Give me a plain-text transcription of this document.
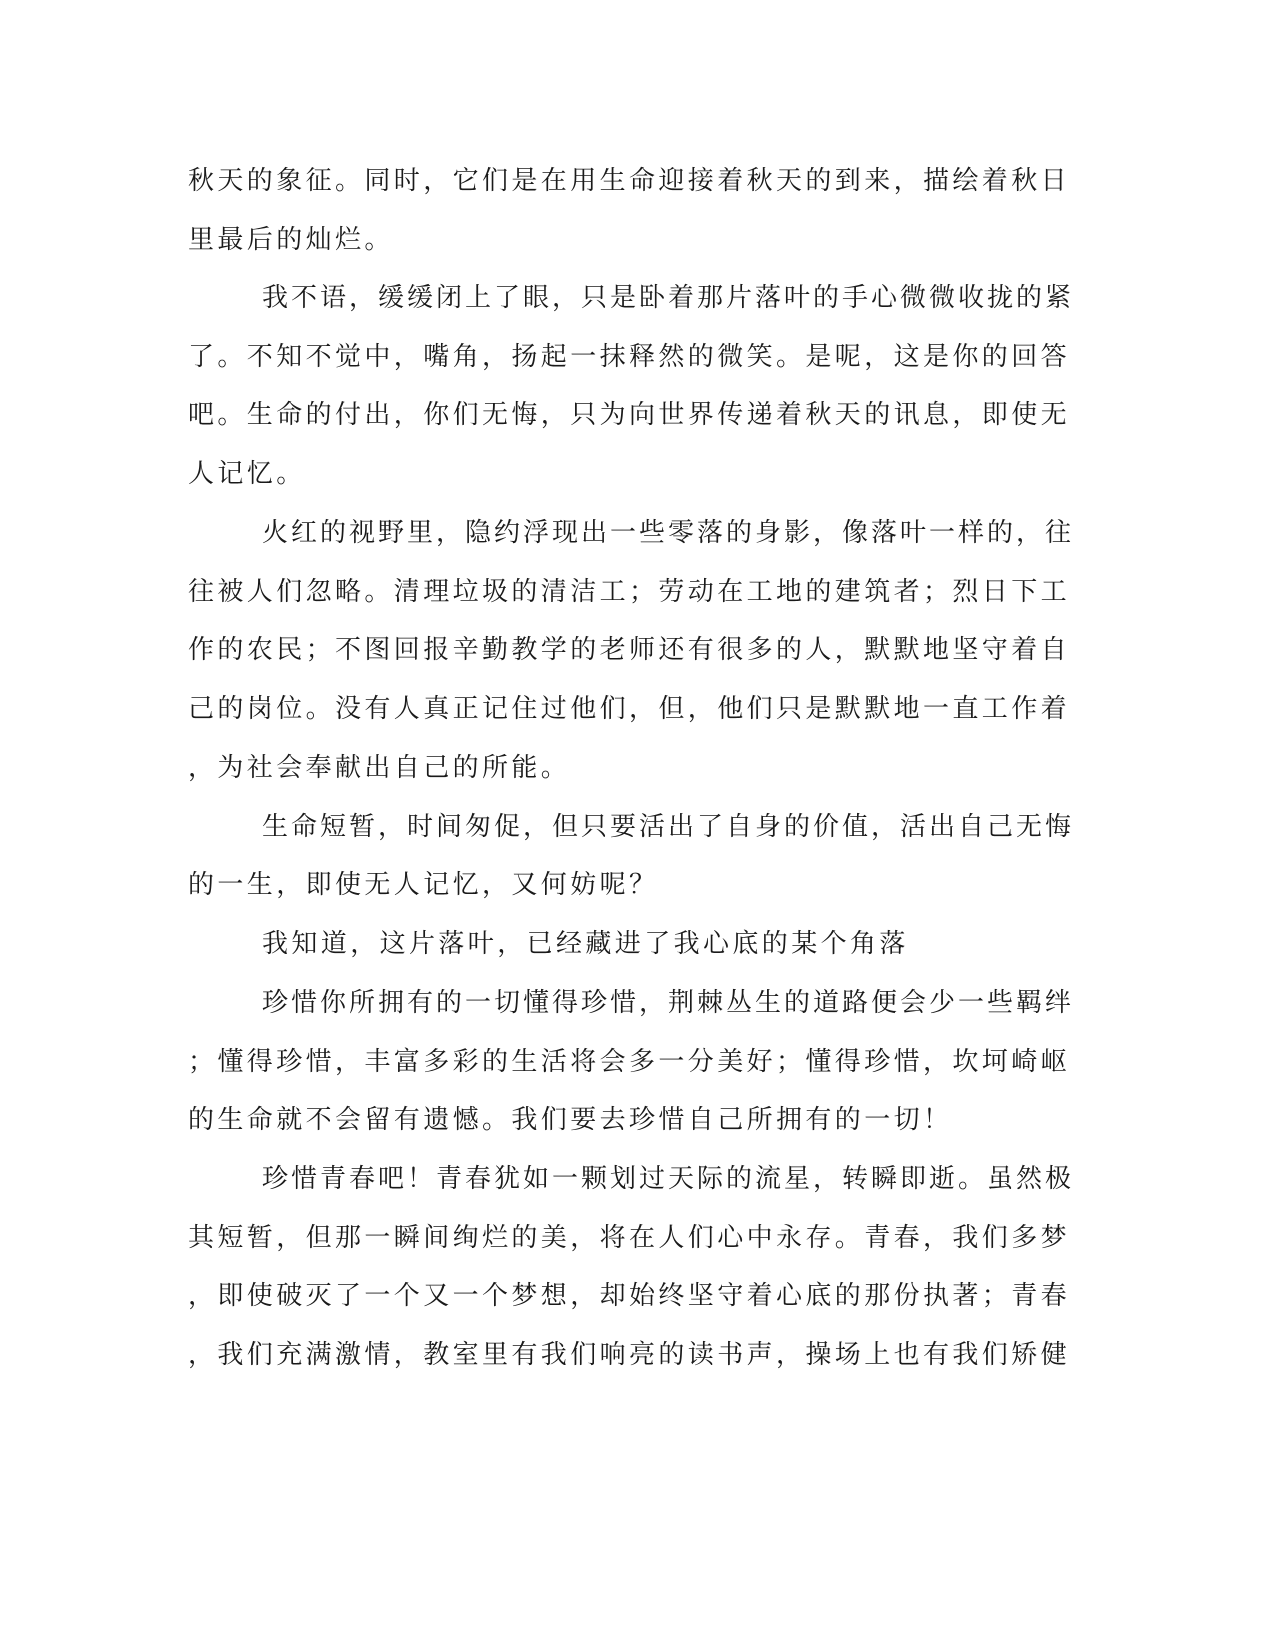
秋天的象征。同时，它们是在用生命迎接着秋天的到来，描绘着秋日
里最后的灿烂。
我不语，缓缓闭上了眼，只是卧着那片落叶的手心微微收拢的紧
了。不知不觉中，嘴角，扬起一抹释然的微笑。是呢，这是你的回答
吧。生命的付出，你们无悔，只为向世界传递着秋天的讯息，即使无
人记忆。
火红的视野里，隐约浮现出一些零落的身影，像落叶一样的，往
往被人们忽略。清理垃圾的清洁工；劳动在工地的建筑者；烈日下工
作的农民；不图回报辛勤教学的老师还有很多的人，默默地坚守着自
己的岗位。没有人真正记住过他们，但，他们只是默默地一直工作着
，为社会奉献出自己的所能。
生命短暂，时间匆促，但只要活出了自身的价值，活出自己无悔
的一生，即使无人记忆，又何妨呢？
我知道，这片落叶，已经藏进了我心底的某个角落
珍惜你所拥有的一切懂得珍惜，荆棘丛生的道路便会少一些羁绊
；懂得珍惜，丰富多彩的生活将会多一分美好；懂得珍惜，坎坷崎岖
的生命就不会留有遗憾。我们要去珍惜自己所拥有的一切！
珍惜青春吧！青春犹如一颗划过天际的流星，转瞬即逝。虽然极
其短暂，但那一瞬间绚烂的美，将在人们心中永存。青春，我们多梦
，即使破灭了一个又一个梦想，却始终坚守着心底的那份执著；青春
，我们充满激情，教室里有我们响亮的读书声，操场上也有我们矫健
